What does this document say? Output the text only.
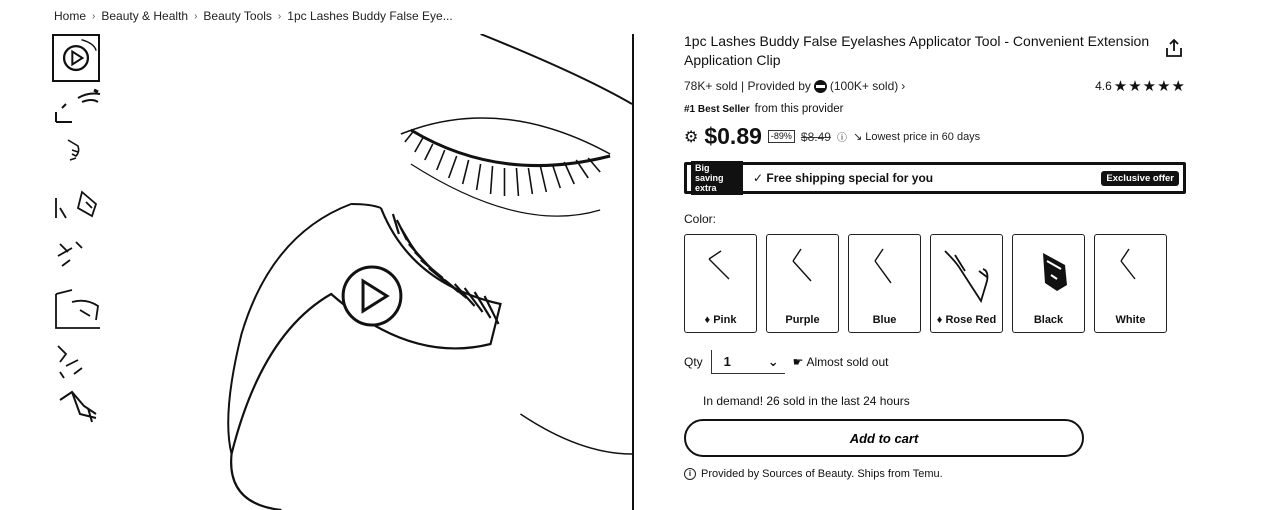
Home › Beauty & Health › Beauty Tools › 1pc Lashes Buddy False Eye...
1pc Lashes Buddy False Eyelashes Applicator Tool - Convenient Extension Application Clip
78K+ sold | Provided by (100K+ sold) ›	4.6 ★★★★★
#1 Best Seller from this provider
⚙ $0.89	-89% $8.49 ⓘ ↘ Lowest price in 60 days
Big saving extra
✓ Free shipping special for you	Exclusive offer
Color:
♦ Pink	Purple	Blue	♦ Rose Red	Black	White
Qty 1	⌄ ☛ Almost sold out
In demand! 26 sold in the last 24 hours
Add to cart
i Provided by Sources of Beauty. Ships from Temu.
